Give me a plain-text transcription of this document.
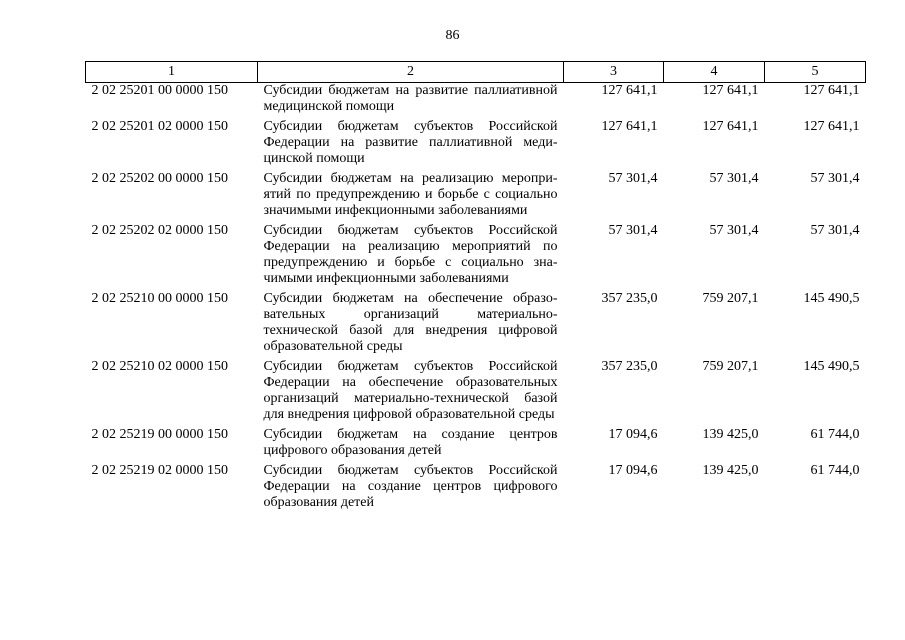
86
1	2	3	4	5
2 02 25201 00 0000 150	Субсидии бюджетам на развитие паллиативной медицинской помощи	127 641,1	127 641,1	127 641,1
2 02 25201 02 0000 150	Субсидии бюджетам субъектов Российской Федерации на развитие паллиативной медицинской помощи	127 641,1	127 641,1	127 641,1
2 02 25202 00 0000 150	Субсидии бюджетам на реализацию мероприятий по предупреждению и борьбе с социально значимыми инфекционными заболеваниями	57 301,4	57 301,4	57 301,4
2 02 25202 02 0000 150	Субсидии бюджетам субъектов Российской Федерации на реализацию мероприятий по предупреждению и борьбе с социально значимыми инфекционными заболеваниями	57 301,4	57 301,4	57 301,4
2 02 25210 00 0000 150	Субсидии бюджетам на обеспечение образовательных организаций материально-технической базой для внедрения цифровой образовательной среды	357 235,0	759 207,1	145 490,5
2 02 25210 02 0000 150	Субсидии бюджетам субъектов Российской Федерации на обеспечение образовательных организаций материально-технической базой для внедрения цифровой образовательной среды	357 235,0	759 207,1	145 490,5
2 02 25219 00 0000 150	Субсидии бюджетам на создание центров цифрового образования детей	17 094,6	139 425,0	61 744,0
2 02 25219 02 0000 150	Субсидии бюджетам субъектов Российской Федерации на создание центров цифрового образования детей	17 094,6	139 425,0	61 744,0
